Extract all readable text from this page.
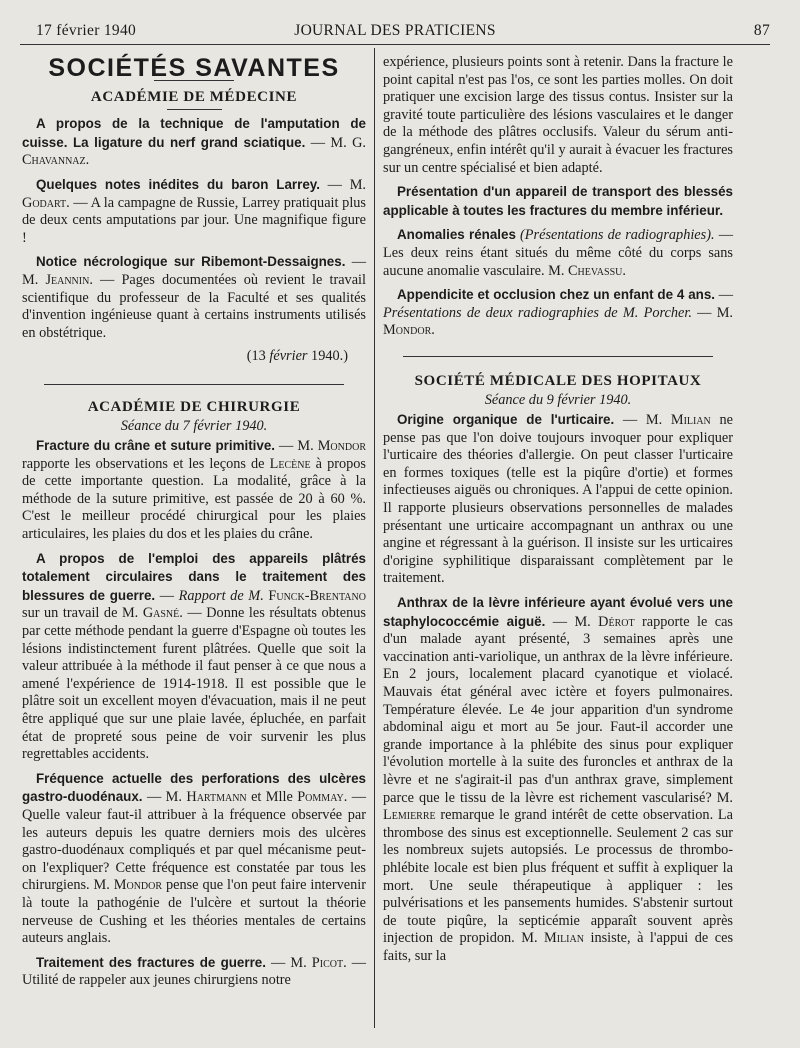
17 février 1940	JOURNAL DES PRATICIENS	87
SOCIÉTÉS SAVANTES
ACADÉMIE DE MÉDECINE

A propos de la technique de l'amputation de cuisse. La ligature du nerf grand sciatique. — M. G. Chavannaz.

Quelques notes inédites du baron Larrey. — M. Godart. — A la campagne de Russie, Larrey pratiquait plus de deux cents amputations par jour. Une magnifique figure !

Notice nécrologique sur Ribemont-Dessaignes. — M. Jeannin. — Pages documentées où revient le travail scientifique du professeur de la Faculté et ses qualités d'invention ingénieuse quant à certains instruments utilisés en obstétrique.

(13 février 1940.)
ACADÉMIE DE CHIRURGIE
Séance du 7 février 1940.

Fracture du crâne et suture primitive. — M. Mondor rapporte les observations et les leçons de Lecène à propos de cette importante question. La modalité, grâce à la méthode de la suture primitive, est passée de 20 à 60 %. C'est le meilleur procédé chirurgical pour les plaies articulaires, les plaies du dos et les plaies du crâne.

A propos de l'emploi des appareils plâtrés totalement circulaires dans le traitement des blessures de guerre. — Rapport de M. Funck-Brentano sur un travail de M. Gasné. — Donne les résultats obtenus par cette méthode pendant la guerre d'Espagne où toutes les lésions indistinctement furent plâtrées. Quelle que soit la valeur attribuée à la méthode il faut penser à ce que nous a amené l'expérience de 1914-1918. Il est possible que le plâtre soit un excellent moyen d'évacuation, mais il ne peut être appliqué que sur une plaie lavée, épluchée, en parfait état de propreté sous peine de voir survenir les plus regrettables accidents.

Fréquence actuelle des perforations des ulcères gastro-duodénaux. — M. Hartmann et Mlle Pommay. — Quelle valeur faut-il attribuer à la fréquence observée par les auteurs depuis les quatre derniers mois des ulcères gastro-duodénaux compliqués et par quel mécanisme peut-on l'expliquer? Cette fréquence est constatée par tous les chirurgiens. M. Mondor pense que l'on peut faire intervenir là toute la pathogénie de l'ulcère et surtout la théorie nerveuse de Cushing et les théories mentales de certains auteurs anglais.

Traitement des fractures de guerre. — M. Picot. — Utilité de rappeler aux jeunes chirurgiens notre

expérience, plusieurs points sont à retenir. Dans la fracture le point capital n'est pas l'os, ce sont les parties molles. On doit pratiquer une excision large des tissus contus. Insister sur la gravité toute particulière des lésions vasculaires et le danger de la méthode des plâtres occlusifs. Valeur du sérum anti-gangréneux, enfin intérêt qu'il y aurait à évacuer les fractures sur un centre spécialisé et bien adapté.

Présentation d'un appareil de transport des blessés applicable à toutes les fractures du membre inférieur.

Anomalies rénales (Présentations de radiographies). — Les deux reins étant situés du même côté du corps sans aucune anomalie vasculaire. M. Chevassu.

Appendicite et occlusion chez un enfant de 4 ans. — Présentations de deux radiographies de M. Porcher. — M. Mondor.

SOCIÉTÉ MÉDICALE DES HOPITAUX
Séance du 9 février 1940.

Origine organique de l'urticaire. — M. Milian ne pense pas que l'on doive toujours invoquer pour expliquer l'urticaire des théories d'allergie. On peut classer l'urticaire en formes toxiques (telle est la piqûre d'ortie) et formes infectieuses aiguës ou chroniques. A l'appui de cette opinion. Il rapporte plusieurs observations personnelles de malades présentant une urticaire accompagnant un anthrax ou une angine et régressant à la guérison. Il insiste sur les urticaires d'origine syphilitique disparaissant complètement par le traitement.

Anthrax de la lèvre inférieure ayant évolué vers une staphylococcémie aiguë. — M. Dérot rapporte le cas d'un malade ayant présenté, 3 semaines après une vaccination anti-variolique, un anthrax de la lèvre inférieure. En 2 jours, localement placard cyanotique et violacé. Mauvais état général avec ictère et foyers pulmonaires. Température élevée. Le 4e jour apparition d'un syndrome abdominal aigu et mort au 5e jour. Faut-il accorder une grande importance à la phlébite des sinus pour expliquer l'évolution mortelle à la suite des furoncles et anthrax de la lèvre et ne s'agirait-il pas d'un anthrax grave, simplement parce que le tissu de la lèvre est richement vascularisé? M. Lemierre remarque le grand intérêt de cette observation. La thrombose des sinus est exceptionnelle. Seulement 2 cas sur les nombreux sujets autopsiés. Le processus de thrombo-phlébite locale est bien plus fréquent et suffit à expliquer la mort. Une seule thérapeutique à appliquer : les pulvérisations et les pansements humides. S'abstenir surtout de toute piqûre, la septicémie apparaît souvent après injection de propidon. M. Milian insiste, à l'appui de ces faits, sur la
